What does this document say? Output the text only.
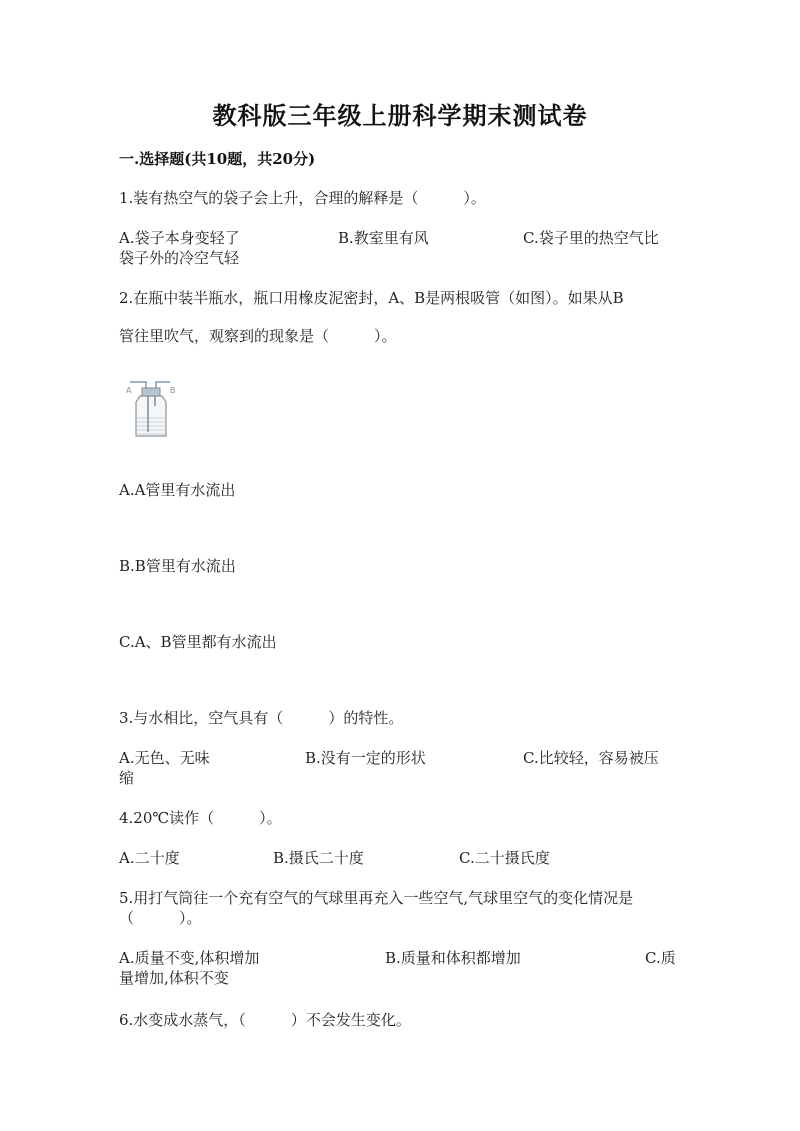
教科版三年级上册科学期末测试卷
一.选择题(共10题，共20分)
1.装有热空气的袋子会上升，合理的解释是（　　　）。
A.袋子本身变轻了	B.教室里有风	C.袋子里的热空气比
袋子外的冷空气轻
2.在瓶中装半瓶水，瓶口用橡皮泥密封，A、B是两根吸管（如图）。如果从B
管往里吹气，观察到的现象是（　　　）。
A	B
A.A管里有水流出
B.B管里有水流出
C.A、B管里都有水流出
3.与水相比，空气具有（　　　）的特性。
A.无色、无味	B.没有一定的形状	C.比较轻，容易被压
缩
4.20℃读作（　　　）。
A.二十度	B.摄氏二十度	C.二十摄氏度
5.用打气筒往一个充有空气的气球里再充入一些空气,气球里空气的变化情况是
（　　　）。
A.质量不变,体积增加	B.质量和体积都增加	C.质
量增加,体积不变
6.水变成水蒸气，（　　　）不会发生变化。
